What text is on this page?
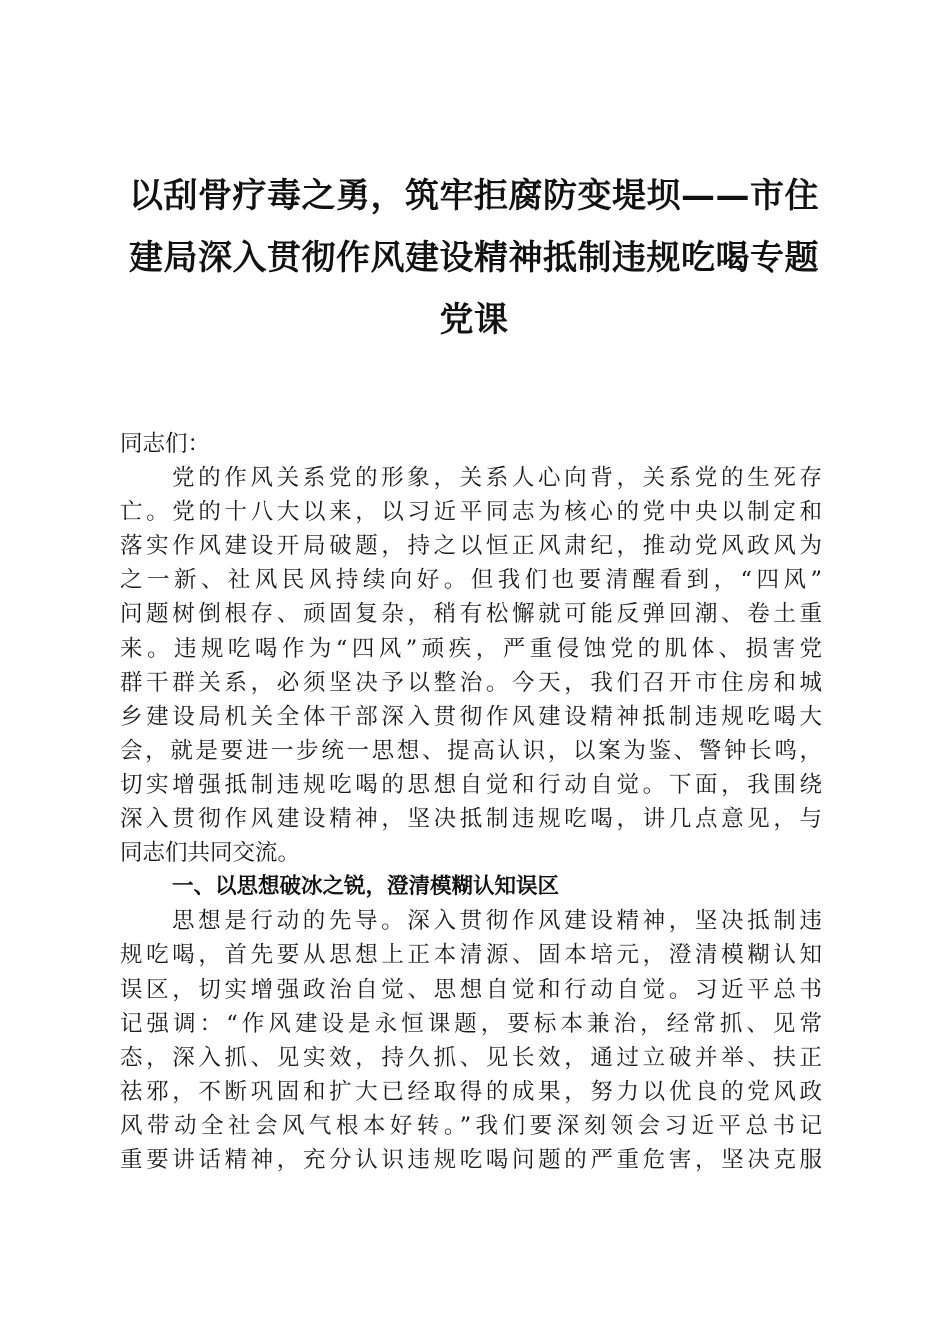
以刮骨疗毒之勇，筑牢拒腐防变堤坝——市住
建局深入贯彻作风建设精神抵制违规吃喝专题
党课
同志们：
党的作风关系党的形象，关系人心向背，关系党的生死存
亡。党的十八大以来，以习近平同志为核心的党中央以制定和
落实作风建设开局破题，持之以恒正风肃纪，推动党风政风为
之一新、社风民风持续向好。但我们也要清醒看到，“四风”
问题树倒根存、顽固复杂，稍有松懈就可能反弹回潮、卷土重
来。违规吃喝作为“四风”顽疾，严重侵蚀党的肌体、损害党
群干群关系，必须坚决予以整治。今天，我们召开市住房和城
乡建设局机关全体干部深入贯彻作风建设精神抵制违规吃喝大
会，就是要进一步统一思想、提高认识，以案为鉴、警钟长鸣，
切实增强抵制违规吃喝的思想自觉和行动自觉。下面，我围绕
深入贯彻作风建设精神，坚决抵制违规吃喝，讲几点意见，与
同志们共同交流。
一、以思想破冰之锐，澄清模糊认知误区
思想是行动的先导。深入贯彻作风建设精神，坚决抵制违
规吃喝，首先要从思想上正本清源、固本培元，澄清模糊认知
误区，切实增强政治自觉、思想自觉和行动自觉。习近平总书
记强调：“作风建设是永恒课题，要标本兼治，经常抓、见常
态，深入抓、见实效，持久抓、见长效，通过立破并举、扶正
祛邪，不断巩固和扩大已经取得的成果，努力以优良的党风政
风带动全社会风气根本好转。”我们要深刻领会习近平总书记
重要讲话精神，充分认识违规吃喝问题的严重危害，坚决克服
